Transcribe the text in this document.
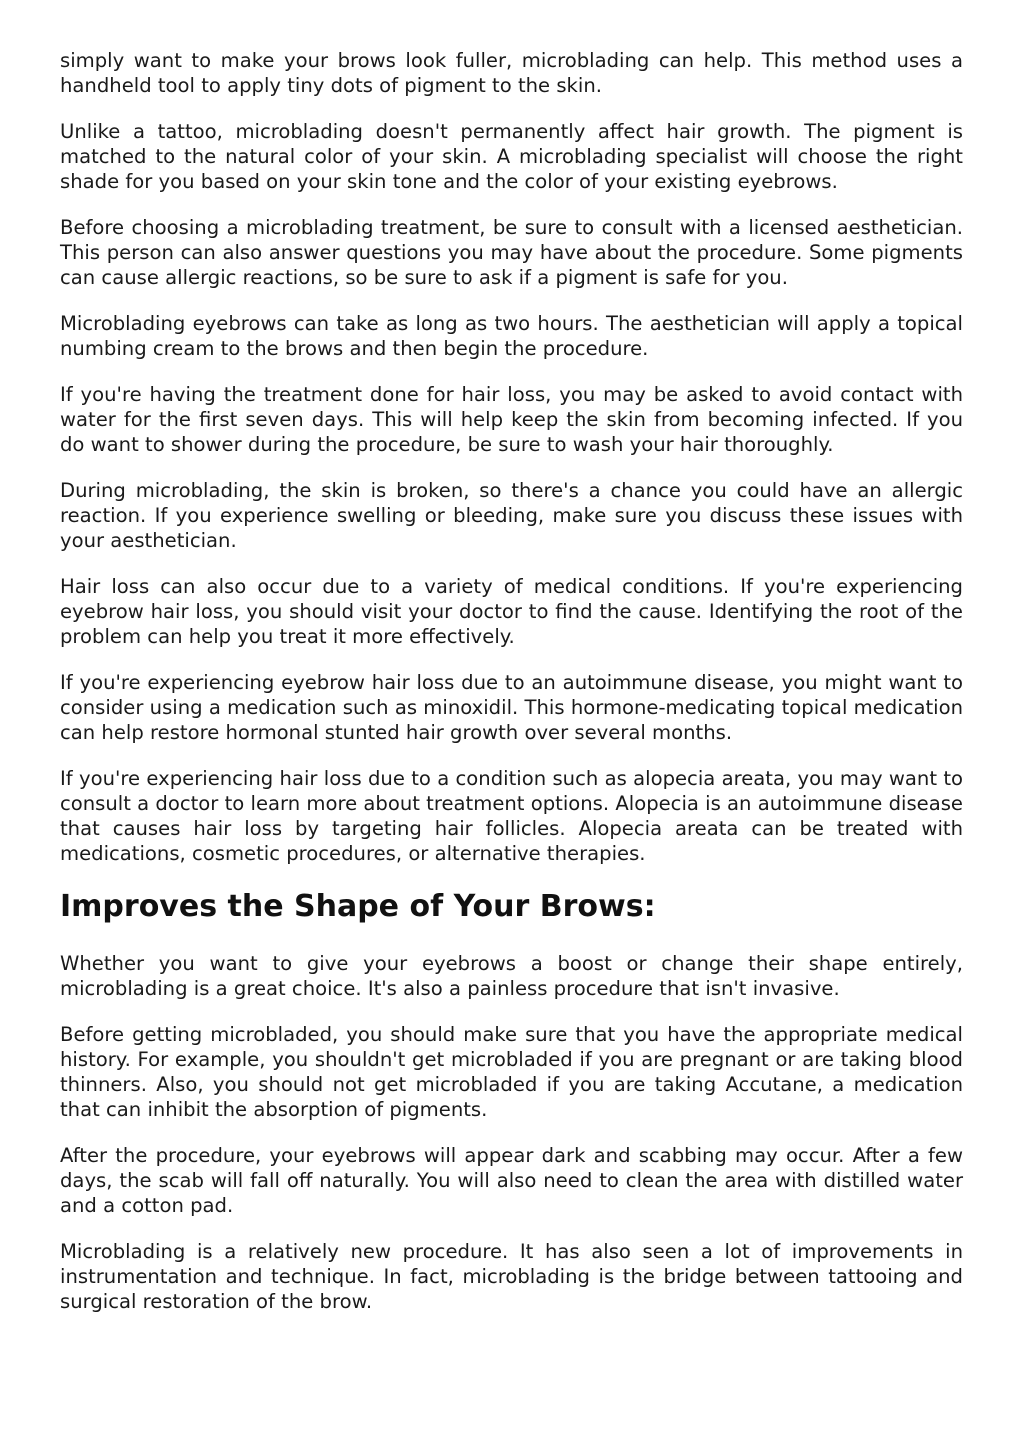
simply want to make your brows look fuller, microblading can help. This method uses a handheld tool to apply tiny dots of pigment to the skin.

Unlike a tattoo, microblading doesn't permanently affect hair growth. The pigment is matched to the natural color of your skin. A microblading specialist will choose the right shade for you based on your skin tone and the color of your existing eyebrows.

Before choosing a microblading treatment, be sure to consult with a licensed aesthetician. This person can also answer questions you may have about the procedure. Some pigments can cause allergic reactions, so be sure to ask if a pigment is safe for you.

Microblading eyebrows can take as long as two hours. The aesthetician will apply a topical numbing cream to the brows and then begin the procedure.

If you're having the treatment done for hair loss, you may be asked to avoid contact with water for the first seven days. This will help keep the skin from becoming infected. If you do want to shower during the procedure, be sure to wash your hair thoroughly.

During microblading, the skin is broken, so there's a chance you could have an allergic reaction. If you experience swelling or bleeding, make sure you discuss these issues with your aesthetician.

Hair loss can also occur due to a variety of medical conditions. If you're experiencing eyebrow hair loss, you should visit your doctor to find the cause. Identifying the root of the problem can help you treat it more effectively.

If you're experiencing eyebrow hair loss due to an autoimmune disease, you might want to consider using a medication such as minoxidil. This hormone-medicating topical medication can help restore hormonal stunted hair growth over several months.

If you're experiencing hair loss due to a condition such as alopecia areata, you may want to consult a doctor to learn more about treatment options. Alopecia is an autoimmune disease that causes hair loss by targeting hair follicles. Alopecia areata can be treated with medications, cosmetic procedures, or alternative therapies.

Improves the Shape of Your Brows:

Whether you want to give your eyebrows a boost or change their shape entirely, microblading is a great choice. It's also a painless procedure that isn't invasive.

Before getting microbladed, you should make sure that you have the appropriate medical history. For example, you shouldn't get microbladed if you are pregnant or are taking blood thinners. Also, you should not get microbladed if you are taking Accutane, a medication that can inhibit the absorption of pigments.

After the procedure, your eyebrows will appear dark and scabbing may occur. After a few days, the scab will fall off naturally. You will also need to clean the area with distilled water and a cotton pad.

Microblading is a relatively new procedure. It has also seen a lot of improvements in instrumentation and technique. In fact, microblading is the bridge between tattooing and surgical restoration of the brow.
